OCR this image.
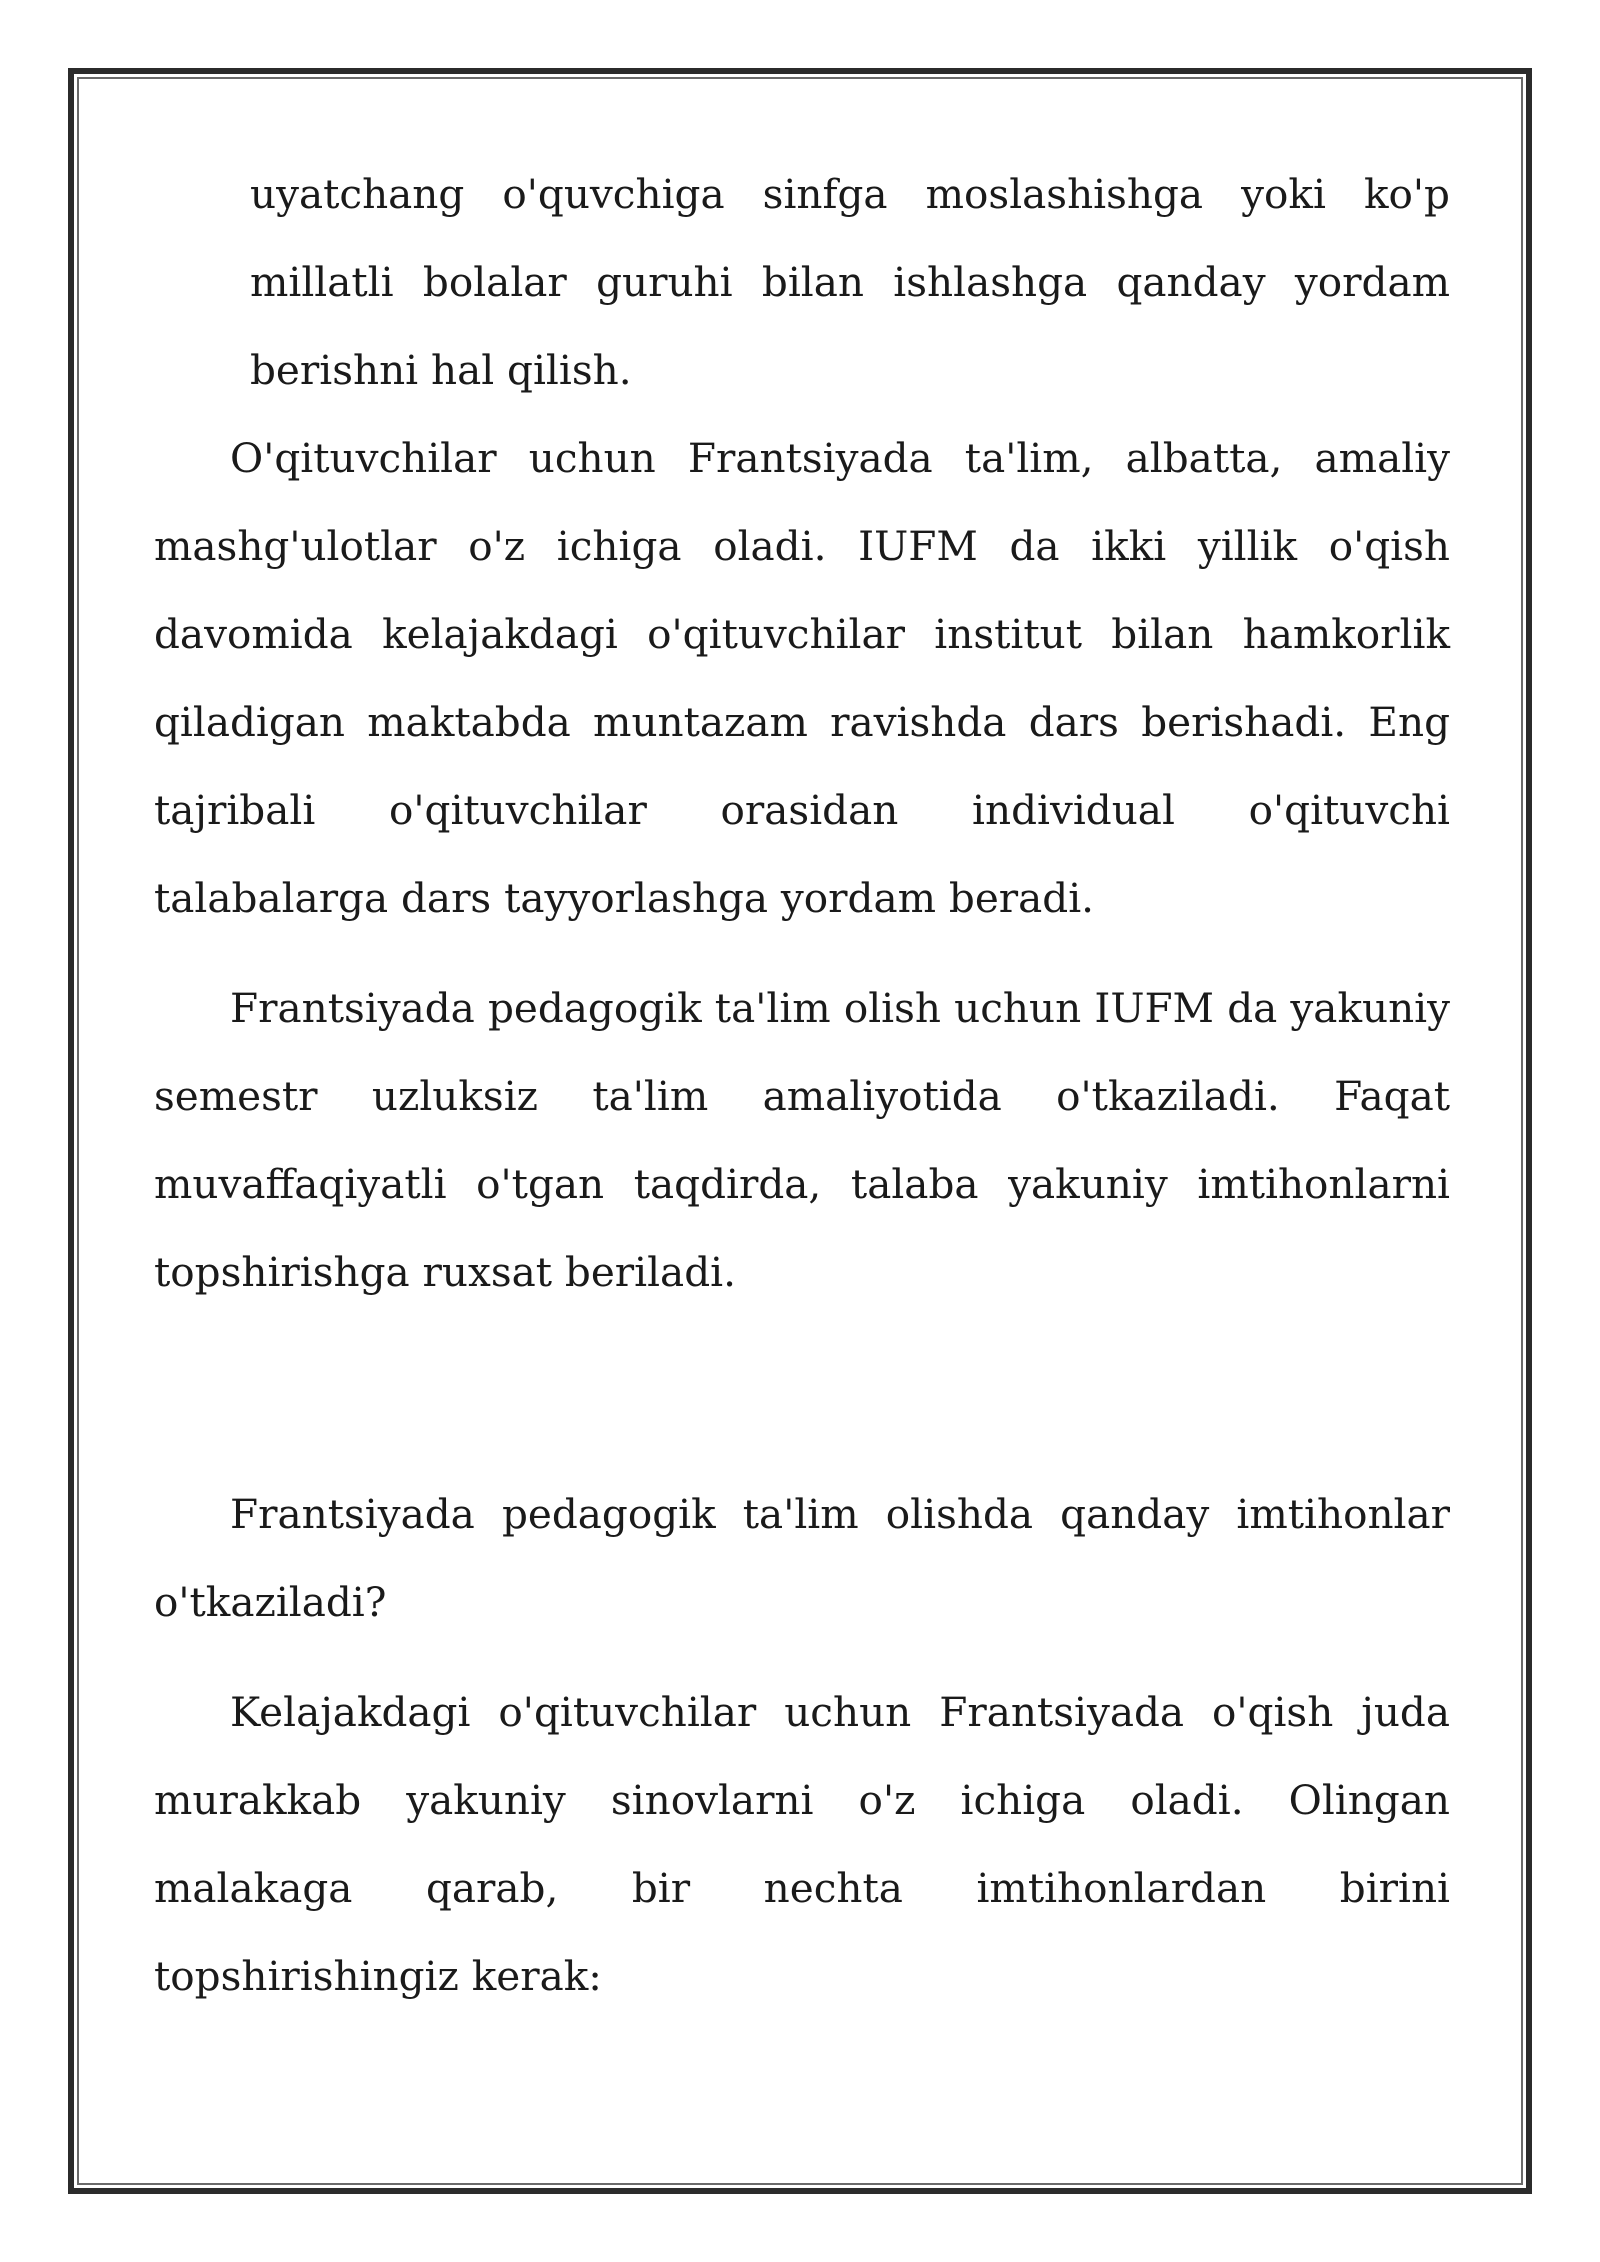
uyatchang o'quvchiga sinfga moslashishga yoki ko'p millatli bolalar guruhi bilan ishlashga qanday yordam berishni hal qilish.

O'qituvchilar uchun Frantsiyada ta'lim, albatta, amaliy mashg'ulotlar o'z ichiga oladi. IUFM da ikki yillik o'qish davomida kelajakdagi o'qituvchilar institut bilan hamkorlik qiladigan maktabda muntazam ravishda dars berishadi. Eng tajribali o'qituvchilar orasidan individual o'qituvchi talabalarga dars tayyorlashga yordam beradi.

Frantsiyada pedagogik ta'lim olish uchun IUFM da yakuniy semestr uzluksiz ta'lim amaliyotida o'tkaziladi. Faqat muvaffaqiyatli o'tgan taqdirda, talaba yakuniy imtihonlarni topshirishga ruxsat beriladi.

Frantsiyada pedagogik ta'lim olishda qanday imtihonlar o'tkaziladi?

Kelajakdagi o'qituvchilar uchun Frantsiyada o'qish juda murakkab yakuniy sinovlarni o'z ichiga oladi. Olingan malakaga qarab, bir nechta imtihonlardan birini topshirishingiz kerak:
